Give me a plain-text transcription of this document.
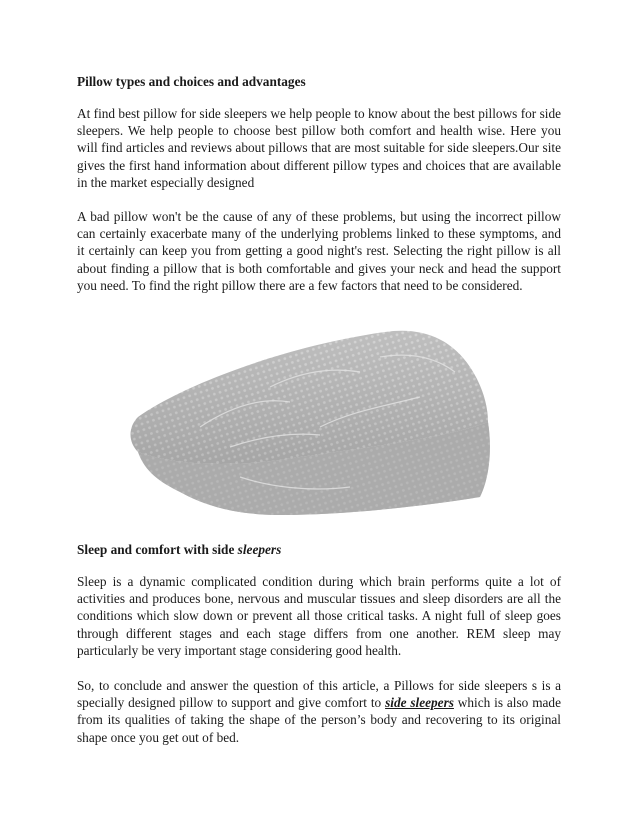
Pillow types and choices and advantages

At find best pillow for side sleepers we help people to know about the best pillows for side sleepers. We help people to choose best pillow both comfort and health wise. Here you will find articles and reviews about pillows that are most suitable for side sleepers.Our site gives the first hand information about different pillow types and choices that are available in the market especially designed

A bad pillow won't be the cause of any of these problems, but using the incorrect pillow can certainly exacerbate many of the underlying problems linked to these symptoms, and it certainly can keep you from getting a good night's rest. Selecting the right pillow is all about finding a pillow that is both comfortable and gives your neck and head the support you need. To find the right pillow there are a few factors that need to be considered.

Sleep and comfort with side sleepers

Sleep is a dynamic complicated condition during which brain performs quite a lot of activities and produces bone, nervous and muscular tissues and sleep disorders are all the conditions which slow down or prevent all those critical tasks. A night full of sleep goes through different stages and each stage differs from one another. REM sleep may particularly be very important stage considering good health.

So, to conclude and answer the question of this article, a Pillows for side sleepers s is a specially designed pillow to support and give comfort to side sleepers which is also made from its qualities of taking the shape of the person’s body and recovering to its original shape once you get out of bed.
